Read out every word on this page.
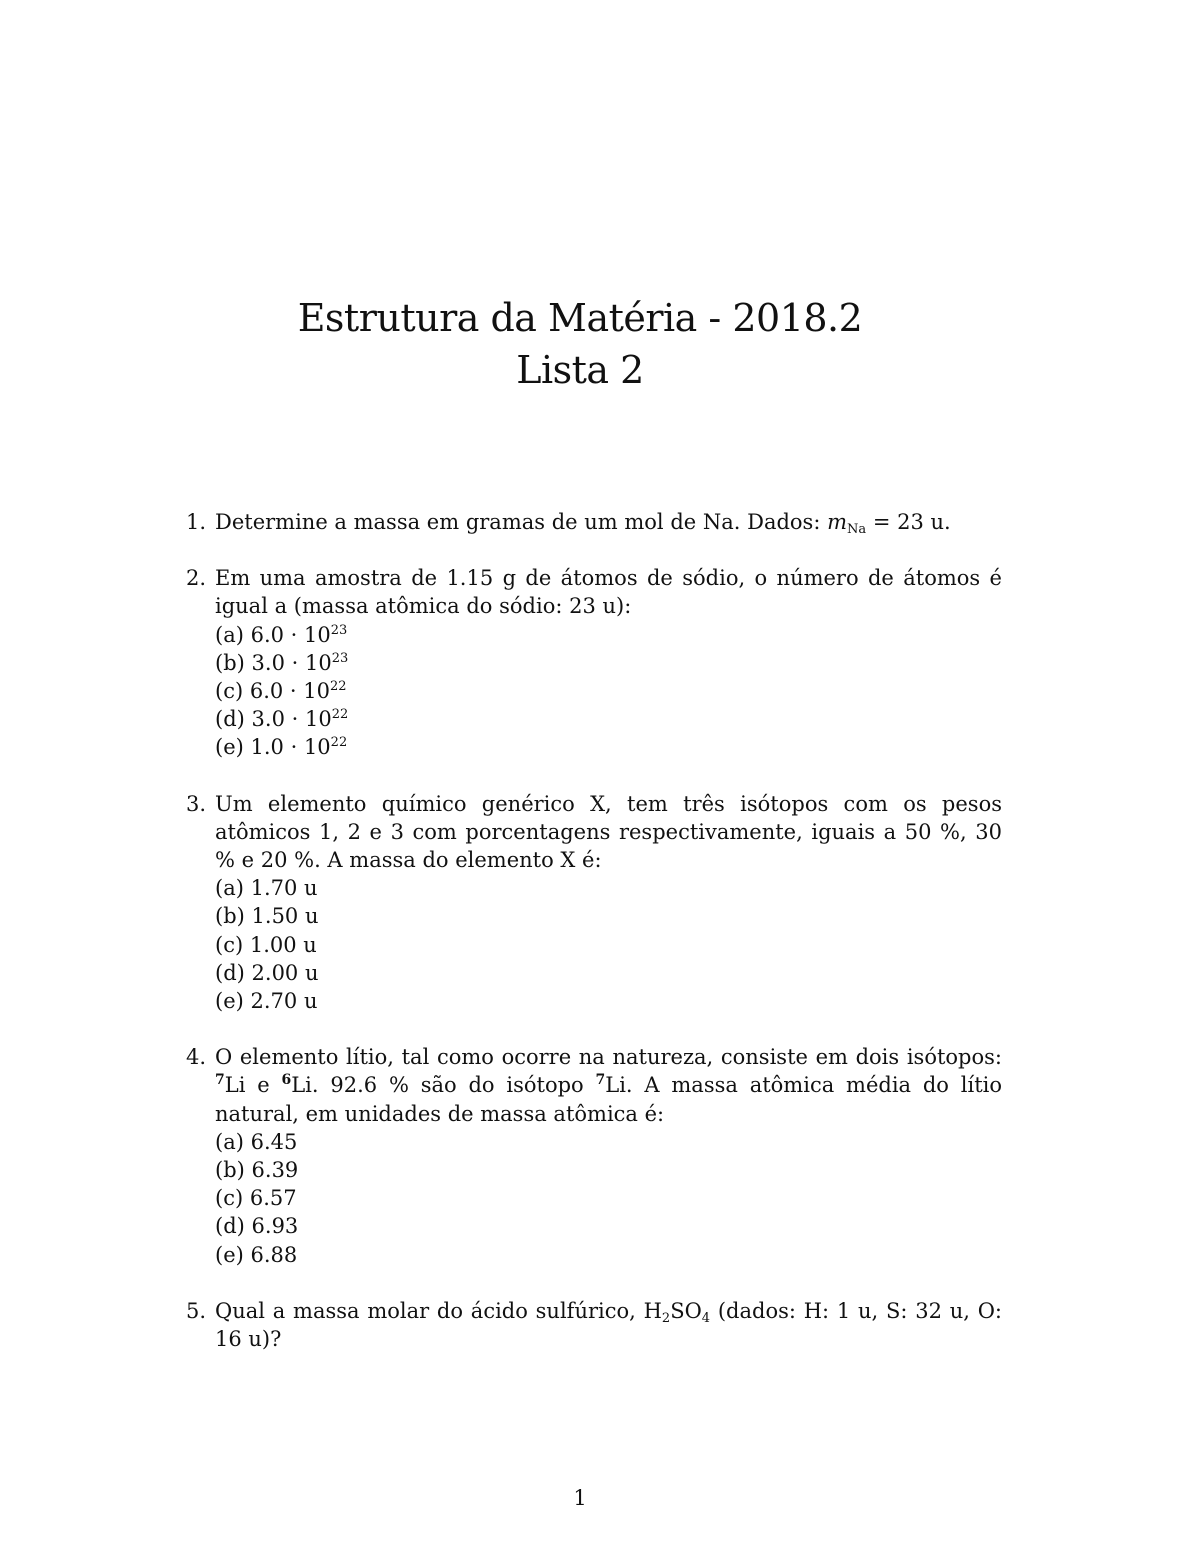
Estrutura da Matéria - 2018.2
Lista 2
1. Determine a massa em gramas de um mol de Na. Dados: $m_{Na} = 23$ u.
2. Em uma amostra de 1.15 g de átomos de sódio, o número de átomos é igual a (massa atômica do sódio: 23 u):
(a) $6.0 \cdot 10^{23}$
(b) $3.0 \cdot 10^{23}$
(c) $6.0 \cdot 10^{22}$
(d) $3.0 \cdot 10^{22}$
(e) $1.0 \cdot 10^{22}$
3. Um elemento químico genérico X, tem três isótopos com os pesos atômicos 1, 2 e 3 com porcentagens respectivamente, iguais a 50 %, 30 % e 20 %. A massa do elemento X é:
(a) 1.70 u
(b) 1.50 u
(c) 1.00 u
(d) 2.00 u
(e) 2.70 u
4. O elemento lítio, tal como ocorre na natureza, consiste em dois isótopos: $^7$Li e $^6$Li. 92.6 % são do isótopo $^7$Li. A massa atômica média do lítio natural, em unidades de massa atômica é:
(a) 6.45
(b) 6.39
(c) 6.57
(d) 6.93
(e) 6.88
5. Qual a massa molar do ácido sulfúrico, $H_2SO_4$ (dados: H: 1 u, S: 32 u, O: 16 u)?
1
